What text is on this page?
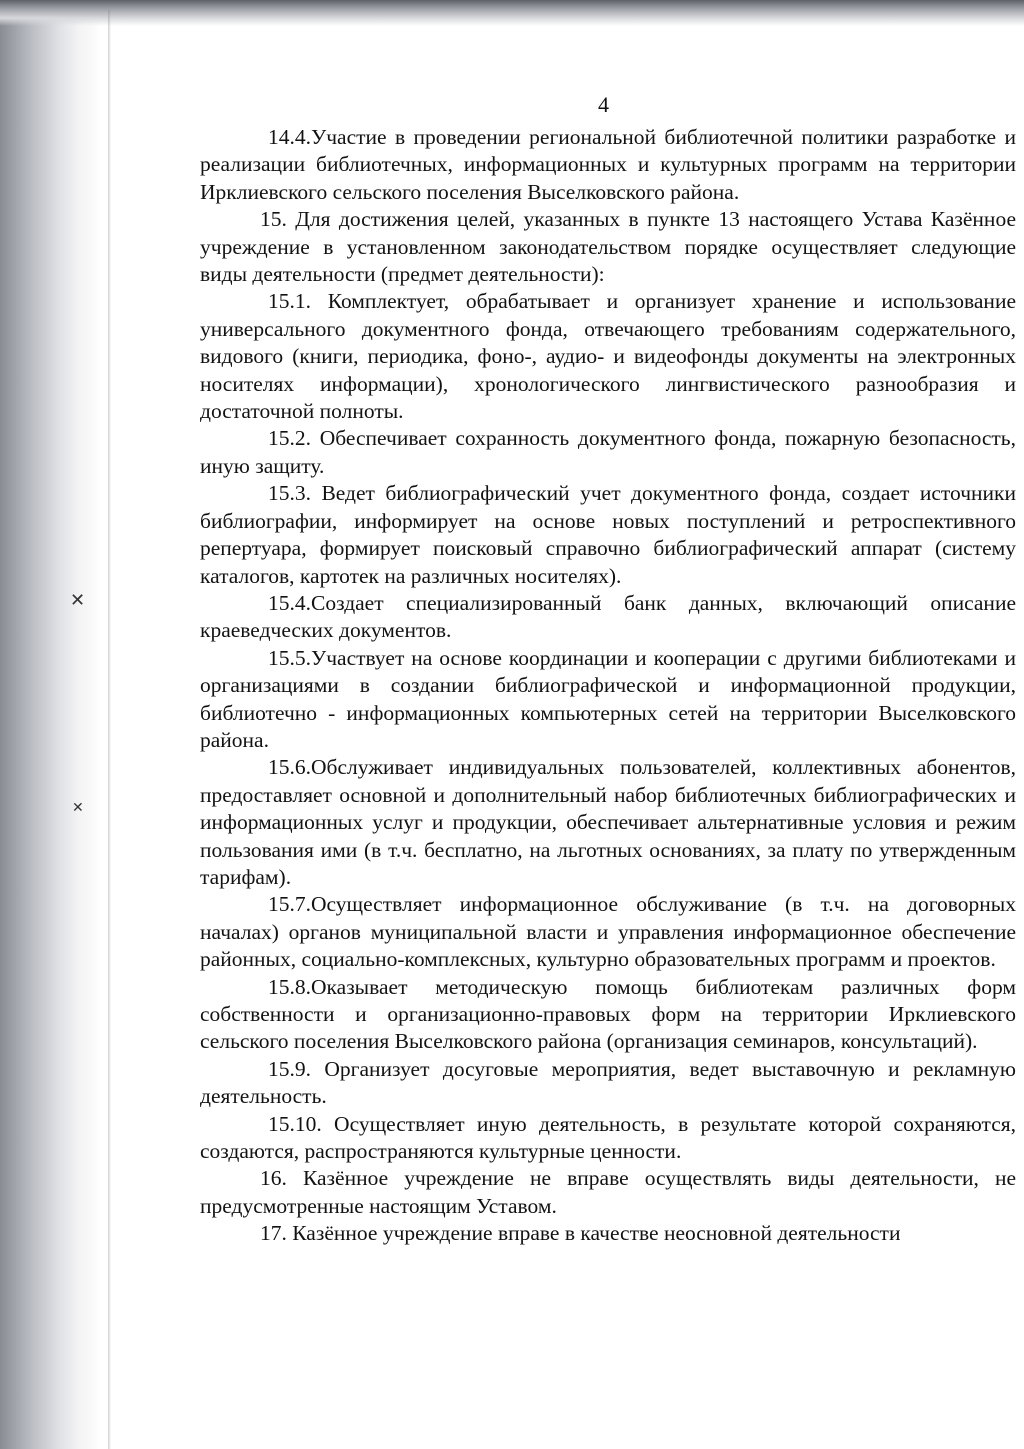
✕
✕
4

14.4.Участие в проведении региональной библиотечной политики разработке и реализации библиотечных, информационных и культурных программ на территории Ирклиевского сельского поселения Выселковского района.

15. Для достижения целей, указанных в пункте 13 настоящего Устава Казённое учреждение в установленном законодательством порядке осуществляет следующие виды деятельности (предмет деятельности):

15.1. Комплектует, обрабатывает и организует хранение и использование универсального документного фонда, отвечающего требованиям содержательного, видового (книги, периодика, фоно-, аудио- и видеофонды документы на электронных носителях информации), хронологического лингвистического разнообразия и достаточной полноты.

15.2. Обеспечивает сохранность документного фонда, пожарную безопасность, иную защиту.

15.3. Ведет библиографический учет документного фонда, создает источники библиографии, информирует на основе новых поступлений и ретроспективного репертуара, формирует поисковый справочно библиографический аппарат (систему каталогов, картотек на различных носителях).

15.4.Создает специализированный банк данных, включающий описание краеведческих документов.

15.5.Участвует на основе координации и кооперации с другими библиотеками и организациями в создании библиографической и информационной продукции, библиотечно - информационных компьютерных сетей на территории Выселковского района.

15.6.Обслуживает индивидуальных пользователей, коллективных абонентов, предоставляет основной и дополнительный набор библиотечных библиографических и информационных услуг и продукции, обеспечивает альтернативные условия и режим пользования ими (в т.ч. бесплатно, на льготных основаниях, за плату по утвержденным тарифам).

15.7.Осуществляет информационное обслуживание (в т.ч. на договорных началах) органов муниципальной власти и управления информационное обеспечение районных, социально-комплексных, культурно образовательных программ и проектов.

15.8.Оказывает методическую помощь библиотекам различных форм собственности и организационно-правовых форм на территории Ирклиевского сельского поселения Выселковского района (организация семинаров, консультаций).

15.9. Организует досуговые мероприятия, ведет выставочную и рекламную деятельность.

15.10. Осуществляет иную деятельность, в результате которой сохраняются, создаются, распространяются культурные ценности.

16. Казённое учреждение не вправе осуществлять виды деятельности, не предусмотренные настоящим Уставом.

17. Казённое учреждение вправе в качестве неосновной деятельности
